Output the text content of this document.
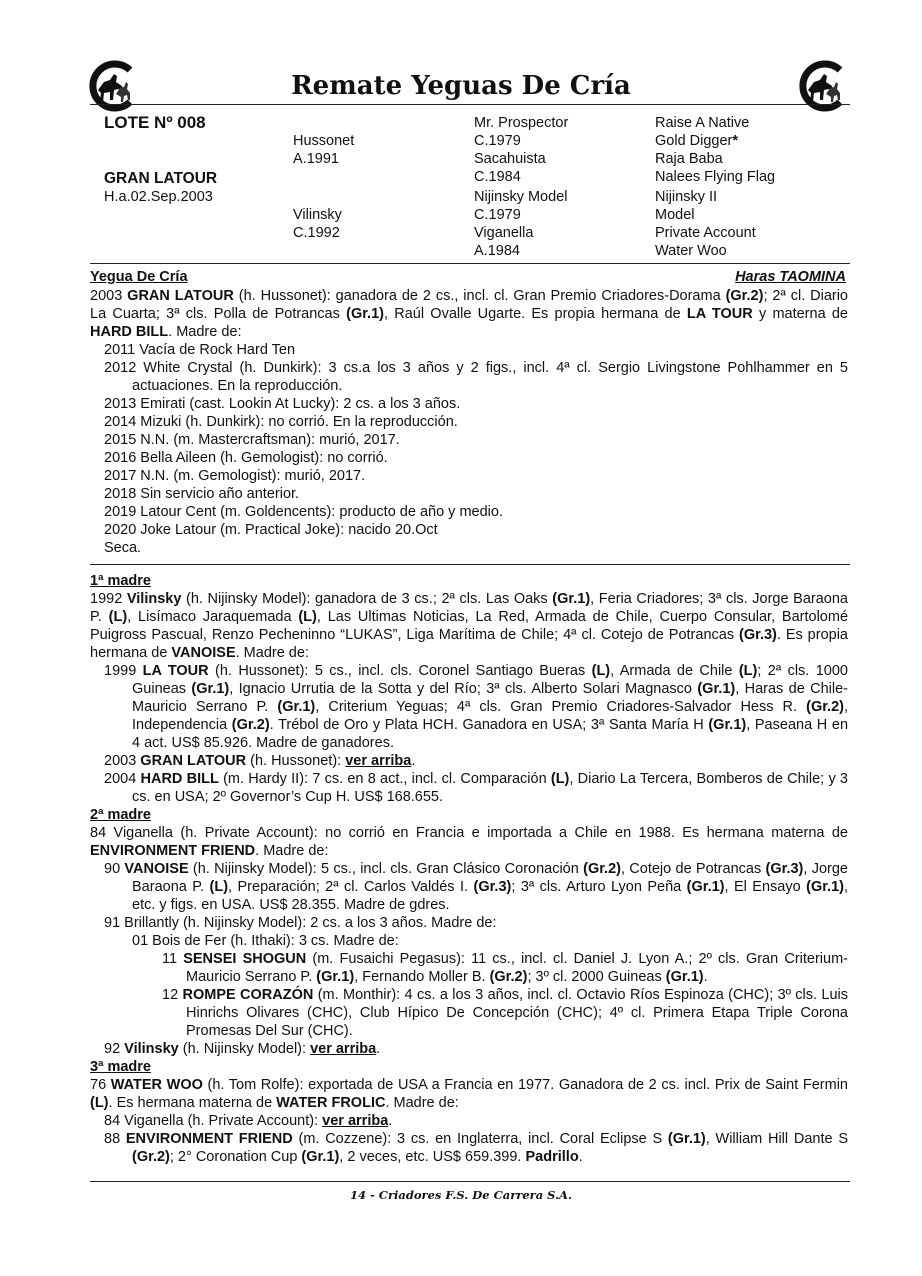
Remate Yeguas De Cría
LOTE Nº 008
GRAN LATOUR
H.a.02.Sep.2003
Hussonet
A.1991
Vilinsky
C.1992
Mr. Prospector
C.1979
Sacahuista
C.1984
Nijinsky Model
C.1979
Viganella
A.1984
Raise A Native
Gold Digger*
Raja Baba
Nalees Flying Flag
Nijinsky II
Model
Private Account
Water Woo
Yegua De Cría	Haras TAOMINA

2003 GRAN LATOUR (h. Hussonet): ganadora de 2 cs., incl. cl. Gran Premio Criadores-Dorama (Gr.2); 2ª cl. Diario La Cuarta; 3ª cls. Polla de Potrancas (Gr.1), Raúl Ovalle Ugarte. Es propia hermana de LA TOUR y materna de HARD BILL. Madre de:

2011 Vacía de Rock Hard Ten

2012 White Crystal (h. Dunkirk): 3 cs.a los 3 años y 2 figs., incl. 4ª cl. Sergio Livingstone Pohlhammer en 5 actuaciones. En la reproducción.

2013 Emirati (cast. Lookin At Lucky): 2 cs. a los 3 años.

2014 Mizuki (h. Dunkirk): no corrió. En la reproducción.

2015 N.N. (m. Mastercraftsman): murió, 2017.

2016 Bella Aileen (h. Gemologist): no corrió.

2017 N.N. (m. Gemologist): murió, 2017.

2018 Sin servicio año anterior.

2019 Latour Cent (m. Goldencents): producto de año y medio.

2020 Joke Latour (m. Practical Joke): nacido 20.Oct

Seca.

1ª madre

1992 Vilinsky (h. Nijinsky Model): ganadora de 3 cs.; 2ª cls. Las Oaks (Gr.1), Feria Criadores; 3ª cls. Jorge Baraona P. (L), Lisímaco Jaraquemada (L), Las Ultimas Noticias, La Red, Armada de Chile, Cuerpo Consular, Bartolomé Puigross Pascual, Renzo Pecheninno “LUKAS”, Liga Marítima de Chile; 4ª cl. Cotejo de Potrancas (Gr.3). Es propia hermana de VANOISE. Madre de:

1999 LA TOUR (h. Hussonet): 5 cs., incl. cls. Coronel Santiago Bueras (L), Armada de Chile (L); 2ª cls. 1000 Guineas (Gr.1), Ignacio Urrutia de la Sotta y del Río; 3ª cls. Alberto Solari Magnasco (Gr.1), Haras de Chile-Mauricio Serrano P. (Gr.1), Criterium Yeguas; 4ª cls. Gran Premio Criadores-Salvador Hess R. (Gr.2), Independencia (Gr.2). Trébol de Oro y Plata HCH. Ganadora en USA; 3ª Santa María H (Gr.1), Paseana H en 4 act. US$ 85.926. Madre de ganadores.

2003 GRAN LATOUR (h. Hussonet): ver arriba.

2004 HARD BILL (m. Hardy II): 7 cs. en 8 act., incl. cl. Comparación (L), Diario La Tercera, Bomberos de Chile; y 3 cs. en USA; 2º Governor’s Cup H. US$ 168.655.

2ª madre

84 Viganella (h. Private Account): no corrió en Francia e importada a Chile en 1988. Es hermana materna de ENVIRONMENT FRIEND. Madre de:

90 VANOISE (h. Nijinsky Model): 5 cs., incl. cls. Gran Clásico Coronación (Gr.2), Cotejo de Potrancas (Gr.3), Jorge Baraona P. (L), Preparación; 2ª cl. Carlos Valdés I. (Gr.3); 3ª cls. Arturo Lyon Peña (Gr.1), El Ensayo (Gr.1), etc. y figs. en USA. US$ 28.355. Madre de gdres.

91 Brillantly (h. Nijinsky Model): 2 cs. a los 3 años. Madre de:

01 Bois de Fer (h. Ithaki): 3 cs. Madre de:

11 SENSEI SHOGUN (m. Fusaichi Pegasus): 11 cs., incl. cl. Daniel J. Lyon A.; 2º cls. Gran Criterium-Mauricio Serrano P. (Gr.1), Fernando Moller B. (Gr.2); 3º cl. 2000 Guineas (Gr.1).

12 ROMPE CORAZÓN (m. Monthir): 4 cs. a los 3 años, incl. cl. Octavio Ríos Espinoza (CHC); 3º cls. Luis Hinrichs Olivares (CHC), Club Hípico De Concepción (CHC); 4º cl. Primera Etapa Triple Corona Promesas Del Sur (CHC).

92 Vilinsky (h. Nijinsky Model): ver arriba.

3ª madre

76 WATER WOO (h. Tom Rolfe): exportada de USA a Francia en 1977. Ganadora de 2 cs. incl. Prix de Saint Fermin (L). Es hermana materna de WATER FROLIC. Madre de:

84 Viganella (h. Private Account): ver arriba.

88 ENVIRONMENT FRIEND (m. Cozzene): 3 cs. en Inglaterra, incl. Coral Eclipse S (Gr.1), William Hill Dante S (Gr.2); 2° Coronation Cup (Gr.1), 2 veces, etc. US$ 659.399. Padrillo.

14 - Criadores F.S. De Carrera S.A.
